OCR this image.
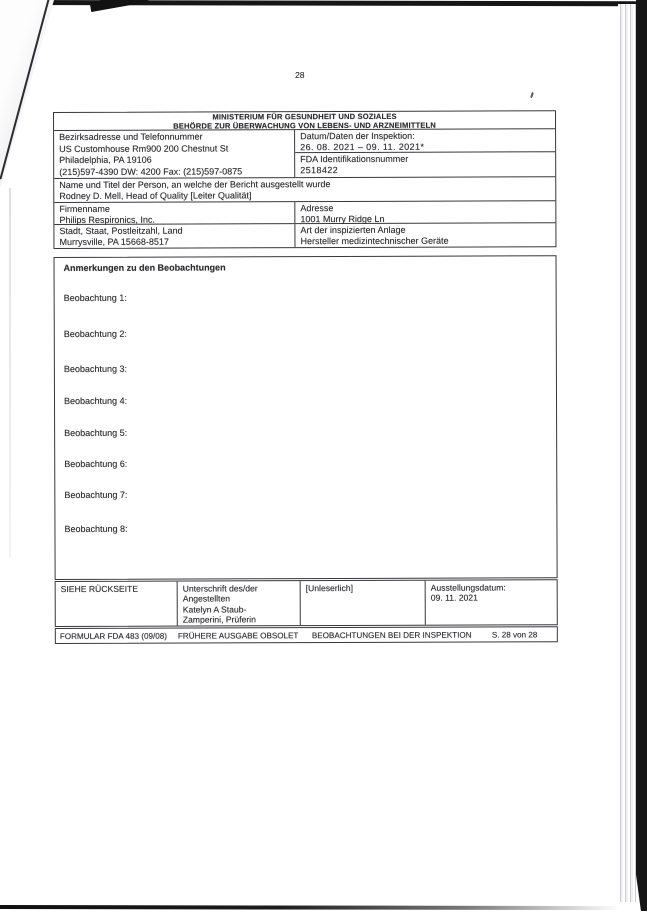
28
MINISTERIUM FÜR GESUNDHEIT UND SOZIALES
BEHÖRDE ZUR ÜBERWACHUNG VON LEBENS- UND ARZNEIMITTELN
Bezirksadresse und Telefonnummer
US Customhouse Rm900 200 Chestnut St
Philadelphia, PA 19106
(215)597-4390 DW: 4200 Fax: (215)597-0875
Datum/Daten der Inspektion:
26. 08. 2021 – 09. 11. 2021*
FDA Identifikationsnummer
2518422
Name und Titel der Person, an welche der Bericht ausgestellt wurde
Rodney D. Mell, Head of Quality [Leiter Qualität]
Firmenname
Philips Respironics, Inc.
Adresse
1001 Murry Ridge Ln
Stadt, Staat, Postleitzahl, Land
Murrysville, PA 15668-8517
Art der inspizierten Anlage
Hersteller medizintechnischer Geräte
Anmerkungen zu den Beobachtungen
Beobachtung 1:
Beobachtung 2:
Beobachtung 3:
Beobachtung 4:
Beobachtung 5:
Beobachtung 6:
Beobachtung 7:
Beobachtung 8:
SIEHE RÜCKSEITE	Unterschrift des/der
Angestellten
Katelyn A Staub-
Zamperini, Prüferin
[Unleserlich]	Ausstellungsdatum:
09. 11. 2021
FORMULAR FDA 483 (09/08) FRÜHERE AUSGABE OBSOLET BEOBACHTUNGEN BEI DER INSPEKTION	S. 28 von 28
